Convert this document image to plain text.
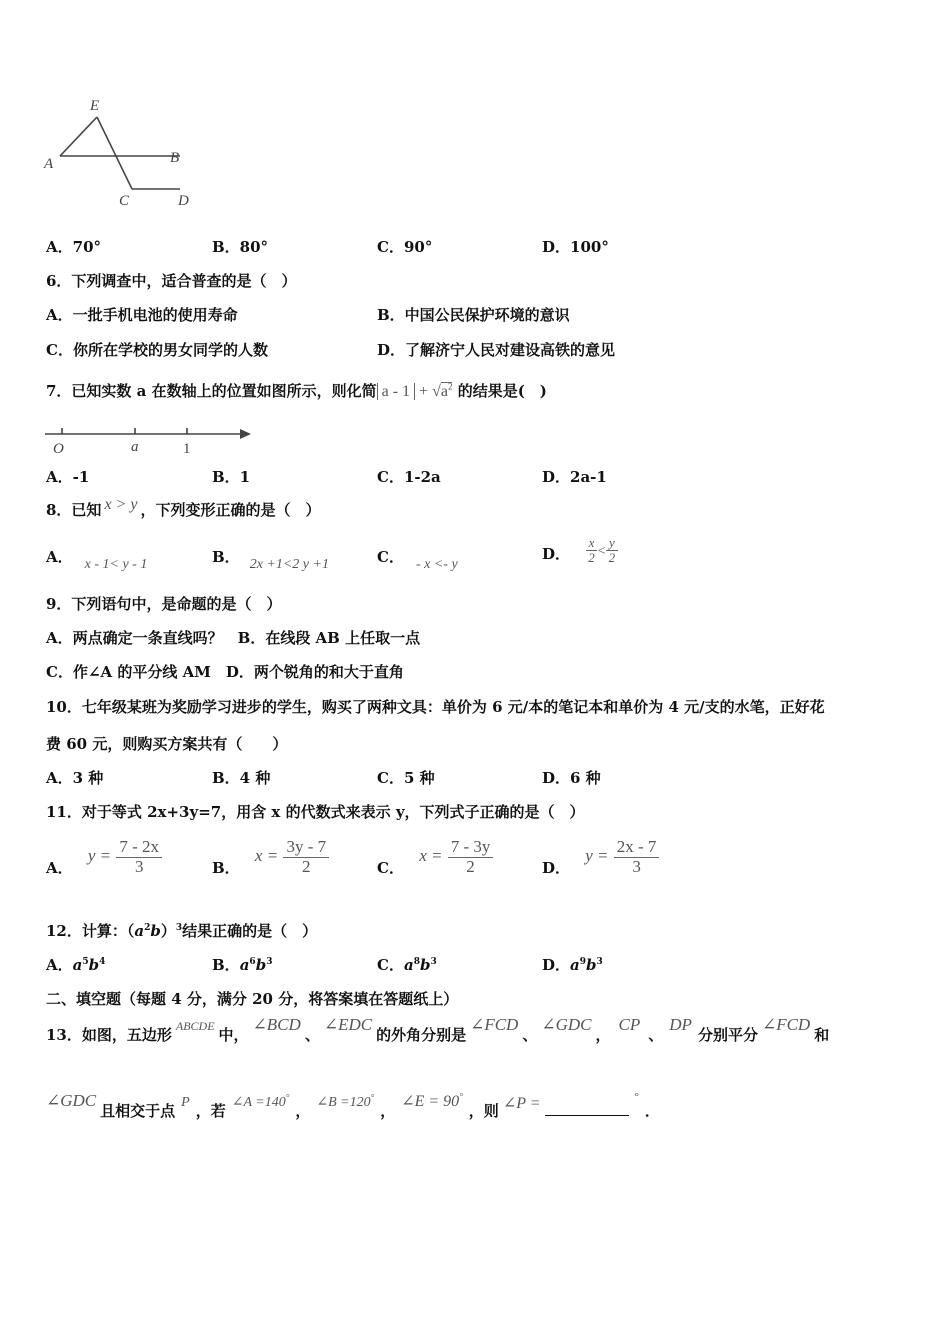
E
A	B
C	D
A．70°	B．80°	C．90°	D．100°
6．下列调查中，适合普查的是（　）
A．一批手机电池的使用寿命	B．中国公民保护环境的意识
C．你所在学校的男女同学的人数	D．了解济宁人民对建设高铁的意见
7．已知实数 a 在数轴上的位置如图所示，则化简 $a - 1 + √a^2$ 的结果是(　)
O	a	1
A．-1	B．1	C．1-2a	D．2a-1
8．已知 x > y ，下列变形正确的是（　）
A． x - 1< y - 1	B． 2x +1<2 y +1	C． - x <- y
D． $\frac{x}{2} < \frac{y}{2}$
9．下列语句中，是命题的是（　）
A．两点确定一条直线吗？　B．在线段 AB 上任取一点
C．作∠A 的平分线 AM　D．两个锐角的和大于直角
10．七年级某班为奖励学习进步的学生，购买了两种文具：单价为 6 元/本的笔记本和单价为 4 元/支的水笔，正好花
费 60 元，则购买方案共有（　　）
A．3 种	B．4 种	C．5 种	D．6 种
11．对于等式 2x+3y=7，用含 x 的代数式来表示 y，下列式子正确的是（　）
A． $y = \frac{7 - 2x}{3}$	B． $x = \frac{3y - 7}{2}$	C． $x = \frac{7 - 3y}{2}$	D． $y = \frac{2x - 7}{3}$
12．计算：$(a^2b)^3$结果正确的是（　）
A．$a^5b^4$	B．$a^6b^3$	C．$a^8b^3$	D．$a^9b^3$
二、填空题（每题 4 分，满分 20 分，将答案填在答题纸上）
13．如图，五边形 $^{ABCDE}$ 中，∠BCD、∠EDC的外角分别是∠FCD、∠GDC，CP、DP分别平分∠FCD和
∠GDC且相交于点 P ，若 ∠A =140°， ∠B =120°，∠E = 90°，则 ∠P =	°．
